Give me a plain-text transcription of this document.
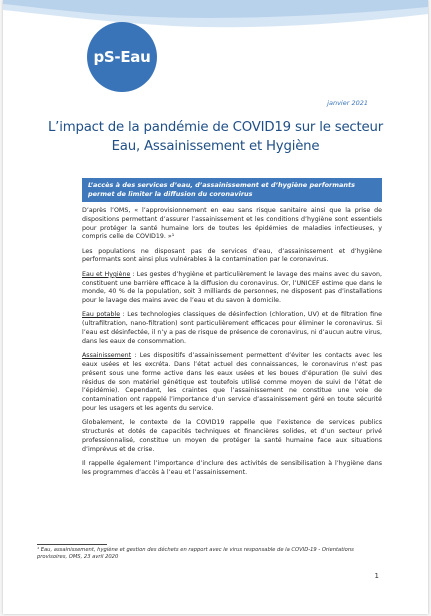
pS-Eau
janvier 2021
L’impact de la pandémie de COVID19 sur le secteur
Eau, Assainissement et Hygiène
L’accès à des services d’eau, d’assainissement et d’hygiène performants permet de limiter la diffusion du coronavirus

D’après l’OMS, « l’approvisionnement en eau sans risque sanitaire ainsi que la prise de dispositions permettant d’assurer l’assainissement et les conditions d’hygiène sont essentiels pour protéger la santé humaine lors de toutes les épidémies de maladies infectieuses, y compris celle de COVID19. »¹

Les populations ne disposant pas de services d’eau, d’assainissement et d’hygiène performants sont ainsi plus vulnérables à la contamination par le coronavirus.

Eau et Hygiène : Les gestes d’hygiène et particulièrement le lavage des mains avec du savon, constituent une barrière efficace à la diffusion du coronavirus. Or, l’UNICEF estime que dans le monde, 40 % de la population, soit 3 milliards de personnes, ne disposent pas d’installations pour le lavage des mains avec de l’eau et du savon à domicile.

Eau potable : Les technologies classiques de désinfection (chloration, UV) et de filtration fine (ultrafiltration, nano-filtration) sont particulièrement efficaces pour éliminer le coronavirus. Si l’eau est désinfectée, il n’y a pas de risque de présence de coronavirus, ni d’aucun autre virus, dans les eaux de consommation.

Assainissement : Les dispositifs d’assainissement permettent d’éviter les contacts avec les eaux usées et les excréta. Dans l’état actuel des connaissances, le coronavirus n’est pas présent sous une forme active dans les eaux usées et les boues d’épuration (le suivi des résidus de son matériel génétique est toutefois utilisé comme moyen de suivi de l’état de l’épidémie). Cependant, les craintes que l’assainissement ne constitue une voie de contamination ont rappelé l’importance d’un service d’assainissement géré en toute sécurité pour les usagers et les agents du service.

Globalement, le contexte de la COVID19 rappelle que l’existence de services publics structurés et dotés de capacités techniques et financières solides, et d’un secteur privé professionnalisé, constitue un moyen de protéger la santé humaine face aux situations d’imprévus et de crise.

Il rappelle également l’importance d’inclure des activités de sensibilisation à l’hygiène dans les programmes d’accès à l’eau et l’assainissement.

¹ Eau, assainissement, hygiène et gestion des déchets en rapport avec le virus responsable de la COVID-19 - Orientations provisoires, OMS, 23 avril 2020
1
